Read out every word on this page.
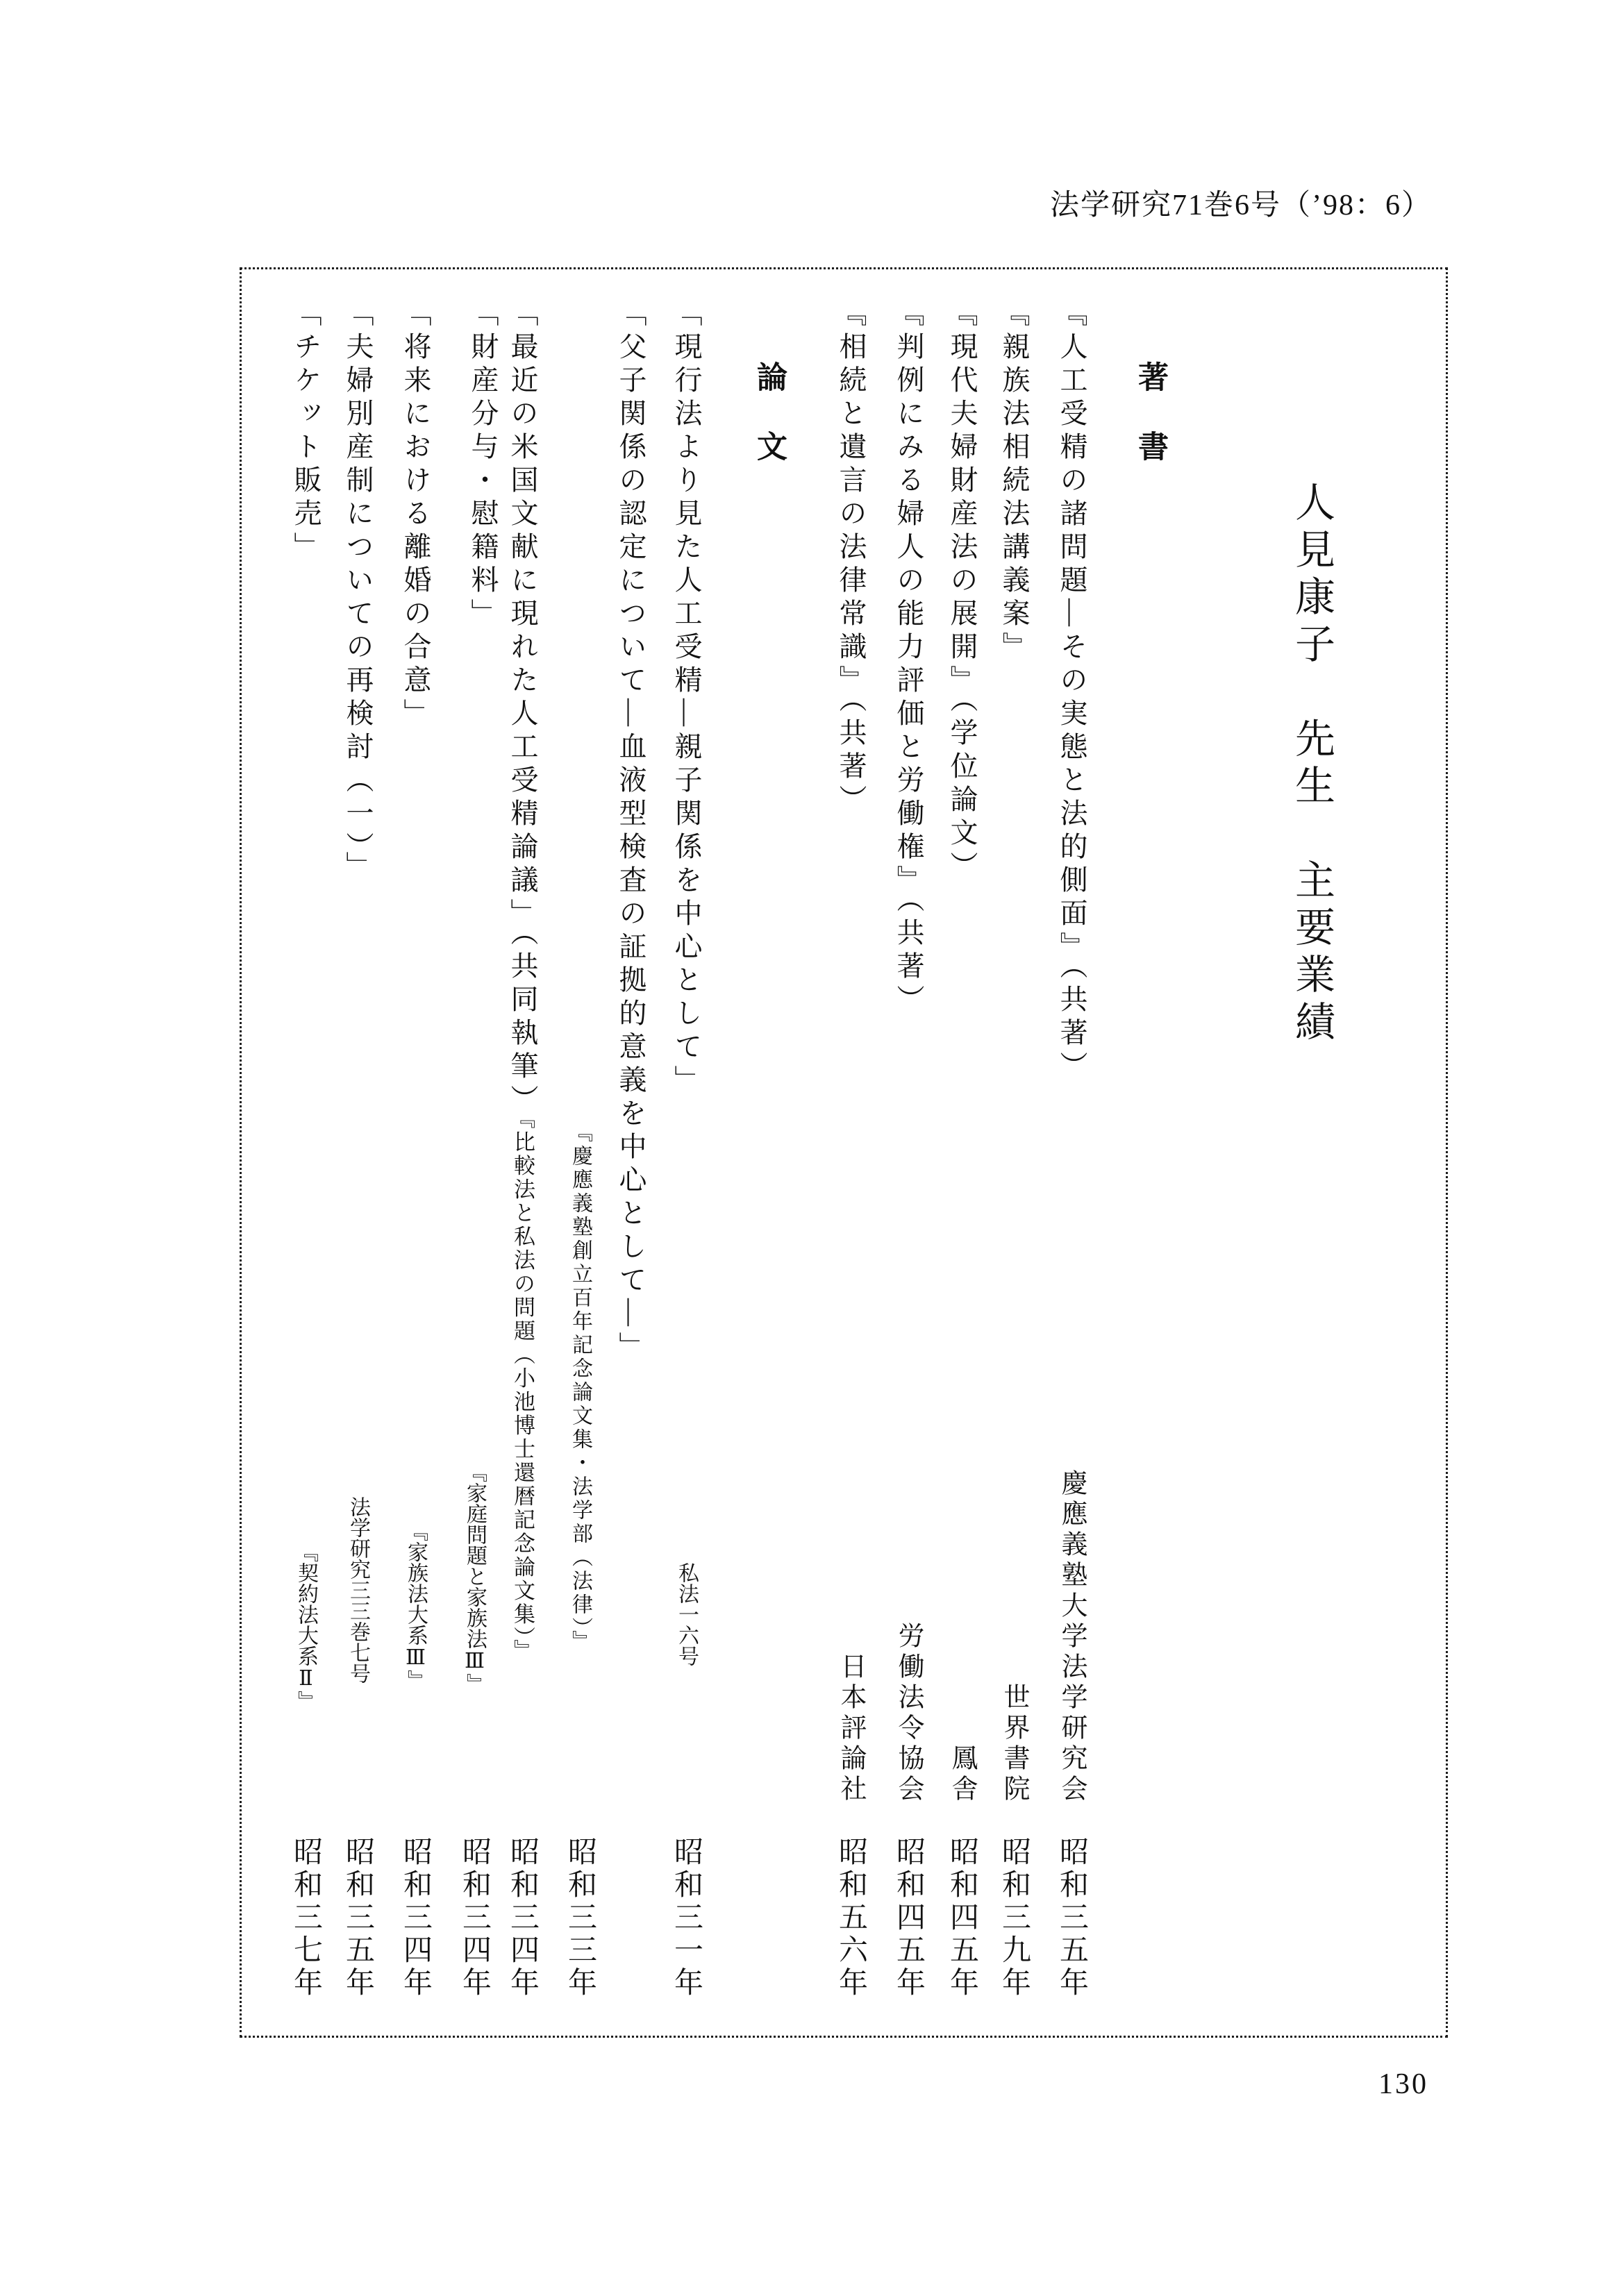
法学研究71巻6号（’98：6）
人見康子　先生　主要業績
著　書
『人工受精の諸問題―その実態と法的側面』（共著）
慶應義塾大学法学研究会
昭和三五年
『親族法相続法講義案』
世界書院
昭和三九年
『現代夫婦財産法の展開』（学位論文）
鳳舎
昭和四五年
『判例にみる婦人の能力評価と労働権』（共著）
労働法令協会
昭和四五年
『相続と遺言の法律常識』（共著）
日本評論社
昭和五六年
論　文
「現行法より見た人工受精―親子関係を中心として」
私法一六号
昭和三一年
「父子関係の認定について―血液型検査の証拠的意義を中心として―」
『慶應義塾創立百年記念論文集・法学部（法律）』
昭和三三年
「最近の米国文献に現れた人工受精論議」（共同執筆）『比較法と私法の問題（小池博士還暦記念論文集）』
昭和三四年
「財産分与・慰籍料」
『家庭問題と家族法Ⅲ』
昭和三四年
「将来における離婚の合意」
『家族法大系Ⅲ』
昭和三四年
「夫婦別産制についての再検討（一）」
法学研究三三巻七号
昭和三五年
「チケット販売」
『契約法大系Ⅱ』
昭和三七年
130
